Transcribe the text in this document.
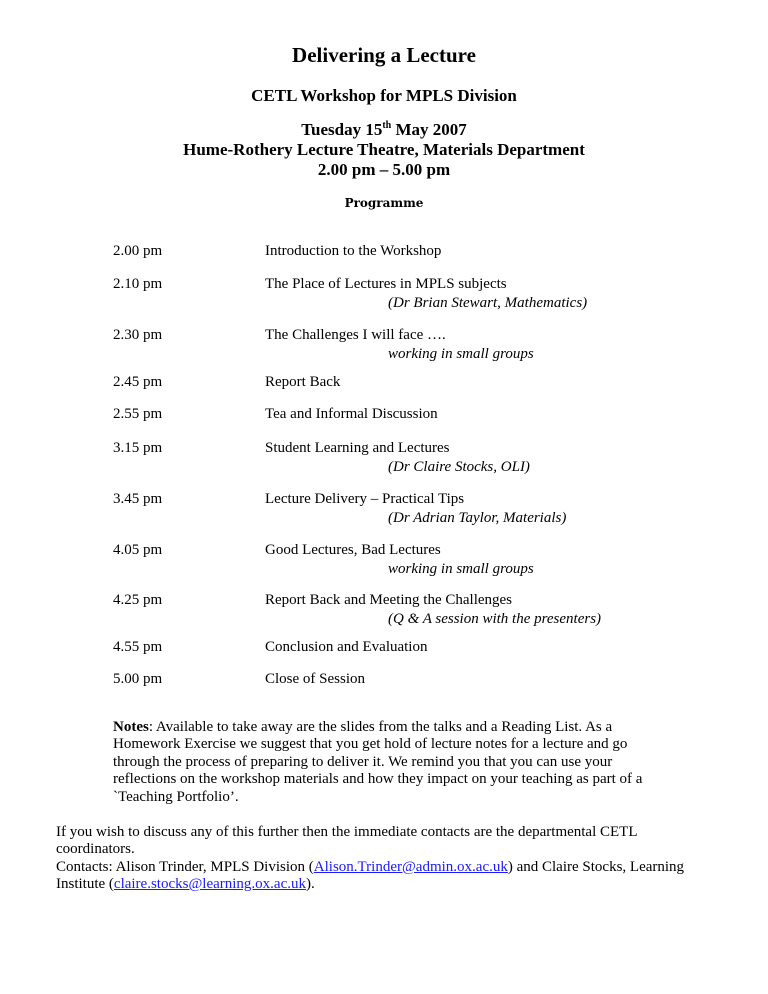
Delivering a Lecture
CETL Workshop for MPLS Division
Tuesday 15th May 2007
Hume-Rothery Lecture Theatre, Materials Department
2.00 pm – 5.00 pm
Programme
2.00 pm	Introduction to the Workshop
2.10 pm	The Place of Lectures in MPLS subjects
(Dr Brian Stewart, Mathematics)
2.30 pm	The Challenges I will face ….
working in small groups
2.45 pm	Report Back
2.55 pm	Tea and Informal Discussion
3.15 pm	Student Learning and Lectures
(Dr Claire Stocks, OLI)
3.45 pm	Lecture Delivery – Practical Tips
(Dr Adrian Taylor, Materials)
4.05 pm	Good Lectures, Bad Lectures
working in small groups
4.25 pm	Report Back and Meeting the Challenges
(Q & A session with the presenters)
4.55 pm	Conclusion and Evaluation
5.00 pm	Close of Session
Notes: Available to take away are the slides from the talks and a Reading List. As a Homework Exercise we suggest that you get hold of lecture notes for a lecture and go through the process of preparing to deliver it. We remind you that you can use your reflections on the workshop materials and how they impact on your teaching as part of a `Teaching Portfolio’.
If you wish to discuss any of this further then the immediate contacts are the departmental CETL coordinators.
Contacts: Alison Trinder, MPLS Division (Alison.Trinder@admin.ox.ac.uk) and Claire Stocks, Learning Institute (claire.stocks@learning.ox.ac.uk).
